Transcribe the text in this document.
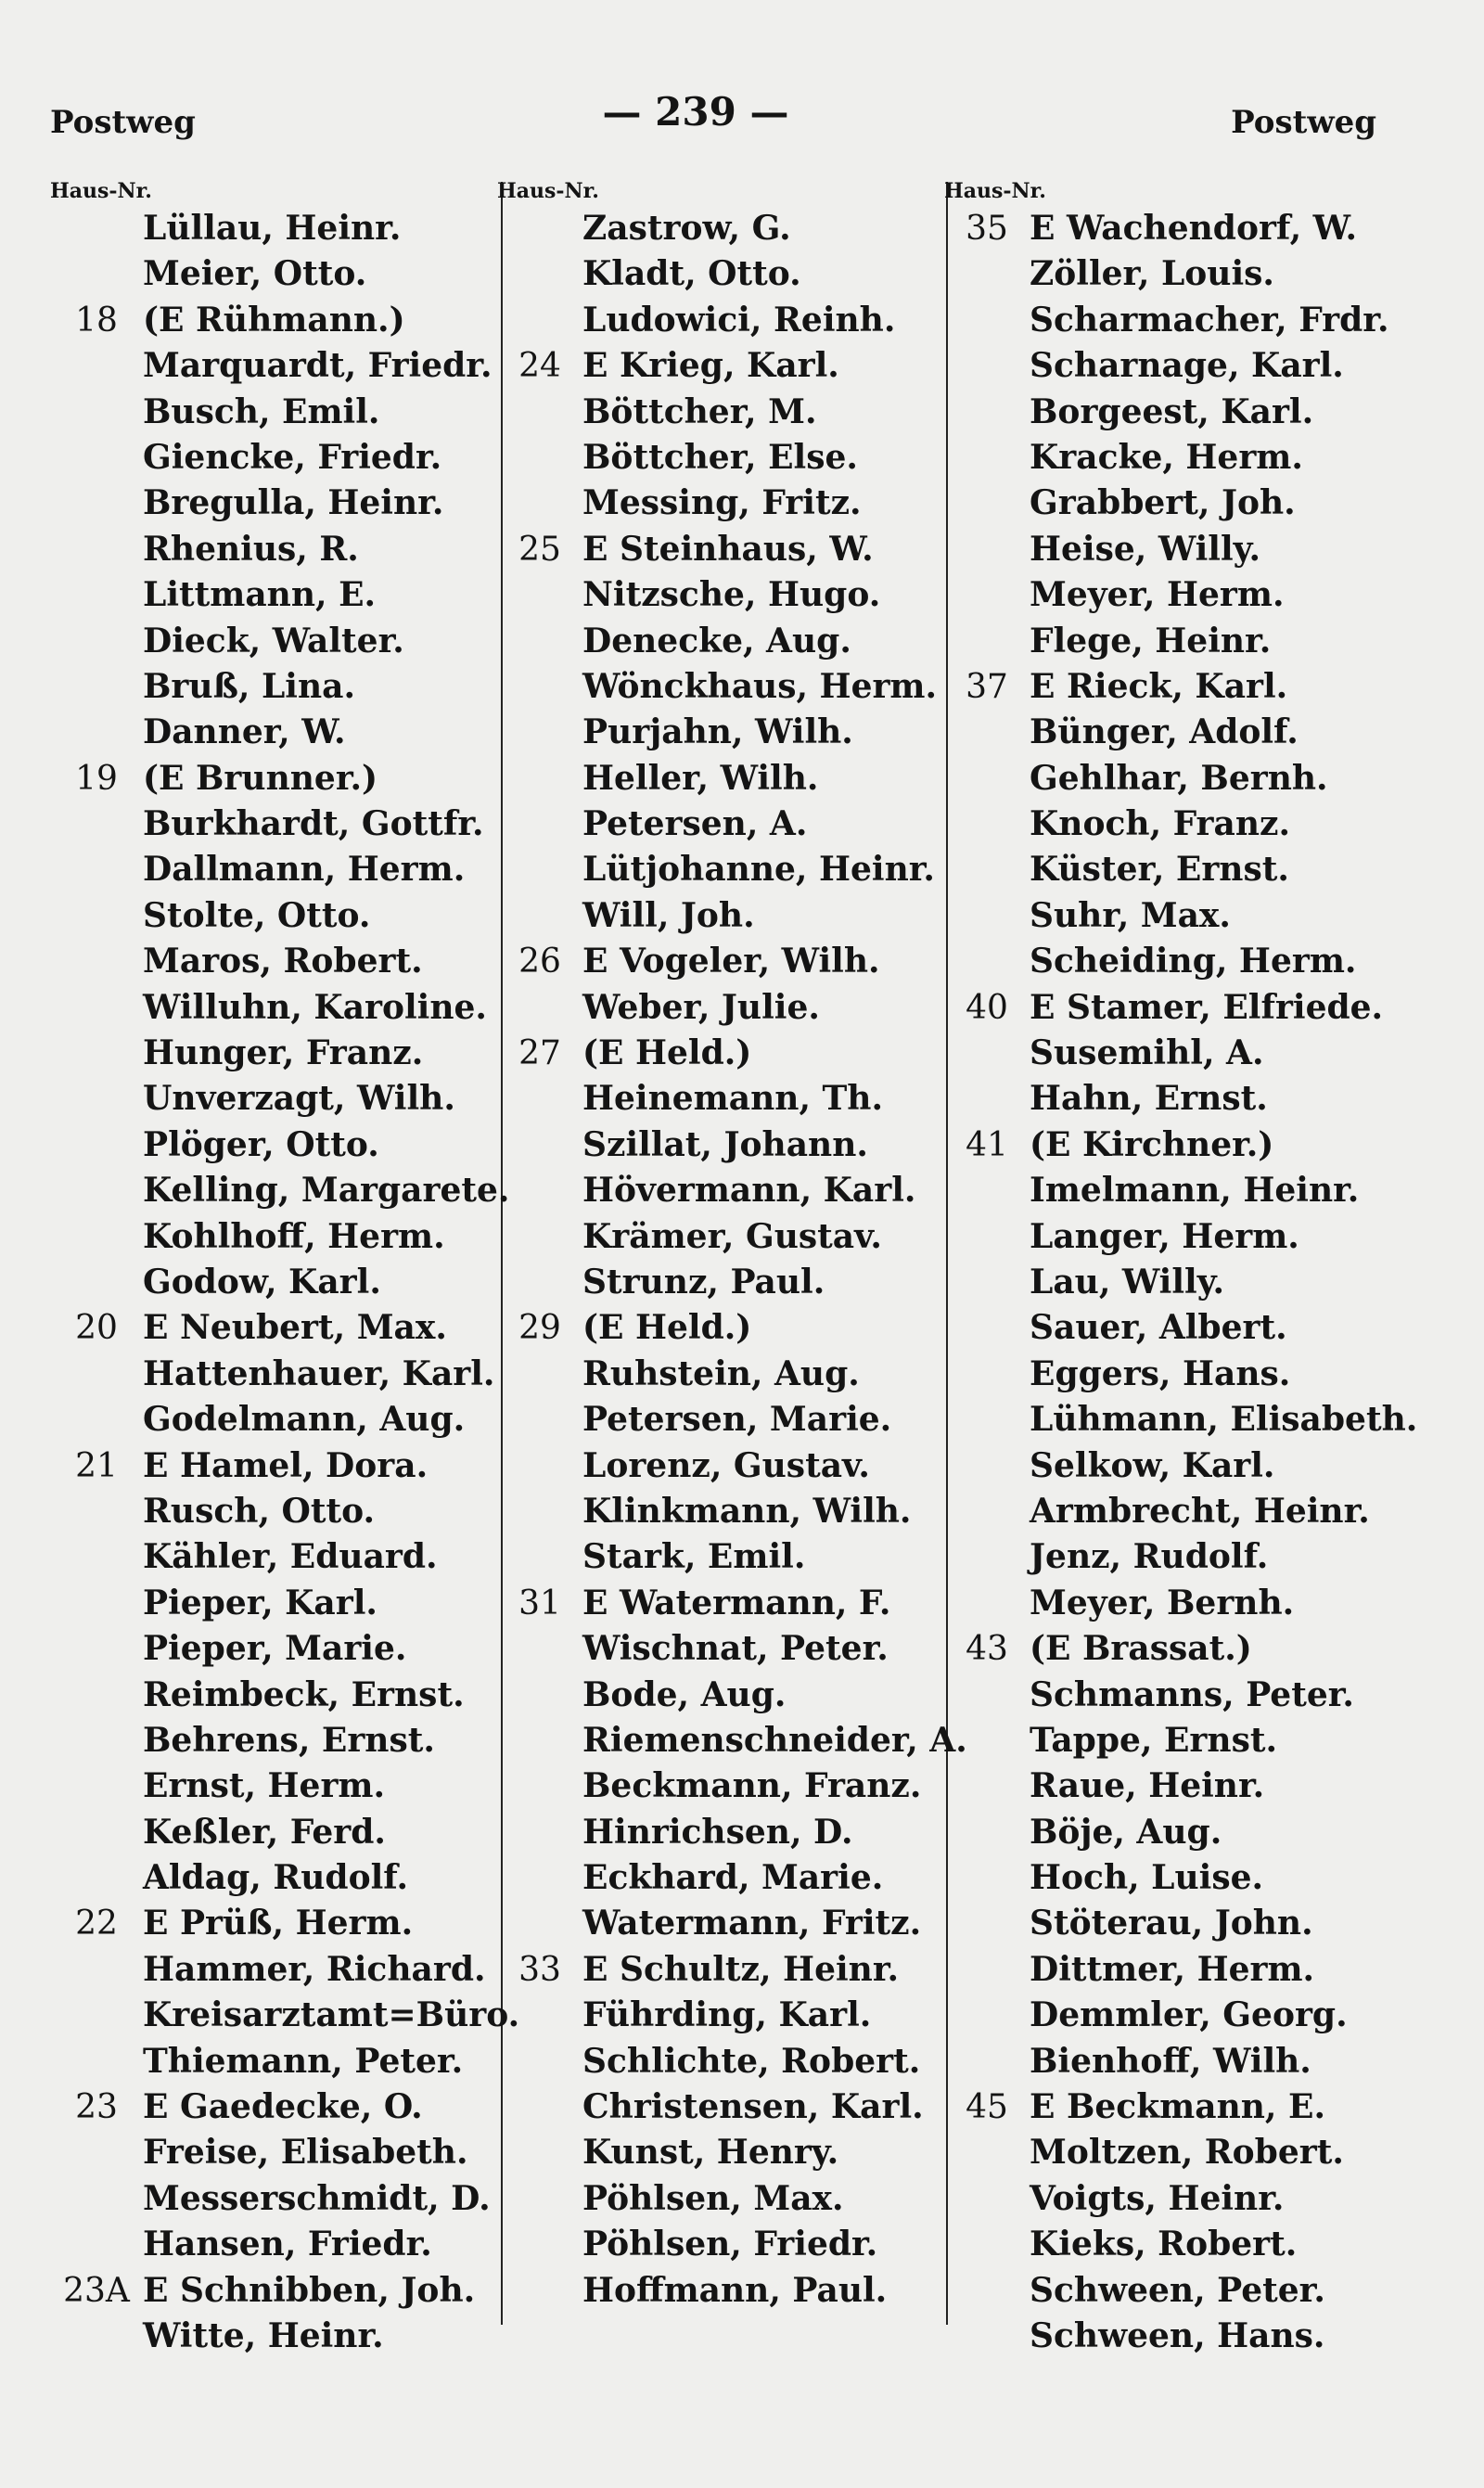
Postweg	— 239 —	Postweg
Haus-Nr.
Lüllau, Heinr.
Meier, Otto.
18 (E Rühmann.)
Marquardt, Friedr.
Busch, Emil.
Giencke, Friedr.
Bregulla, Heinr.
Rhenius, R.
Littmann, E.
Dieck, Walter.
Bruß, Lina.
Danner, W.
19 (E Brunner.)
Burkhardt, Gottfr.
Dallmann, Herm.
Stolte, Otto.
Maros, Robert.
Willuhn, Karoline.
Hunger, Franz.
Unverzagt, Wilh.
Plöger, Otto.
Kelling, Margarete.
Kohlhoff, Herm.
Godow, Karl.
20 E Neubert, Max.
Hattenhauer, Karl.
Godelmann, Aug.
21 E Hamel, Dora.
Rusch, Otto.
Kähler, Eduard.
Pieper, Karl.
Pieper, Marie.
Reimbeck, Ernst.
Behrens, Ernst.
Ernst, Herm.
Keßler, Ferd.
Aldag, Rudolf.
22 E Prüß, Herm.
Hammer, Richard.
Kreisarztamt=Büro.
Thiemann, Peter.
23 E Gaedecke, O.
Freise, Elisabeth.
Messerschmidt, D.
Hansen, Friedr.
23A E Schnibben, Joh.
Witte, Heinr.
Haus-Nr.
Zastrow, G.
Kladt, Otto.
Ludowici, Reinh.
24 E Krieg, Karl.
Böttcher, M.
Böttcher, Else.
Messing, Fritz.
25 E Steinhaus, W.
Nitzsche, Hugo.
Denecke, Aug.
Wönckhaus, Herm.
Purjahn, Wilh.
Heller, Wilh.
Petersen, A.
Lütjohanne, Heinr.
Will, Joh.
26 E Vogeler, Wilh.
Weber, Julie.
27 (E Held.)
Heinemann, Th.
Szillat, Johann.
Hövermann, Karl.
Krämer, Gustav.
Strunz, Paul.
29 (E Held.)
Ruhstein, Aug.
Petersen, Marie.
Lorenz, Gustav.
Klinkmann, Wilh.
Stark, Emil.
31 E Watermann, F.
Wischnat, Peter.
Bode, Aug.
Riemenschneider, A.
Beckmann, Franz.
Hinrichsen, D.
Eckhard, Marie.
Watermann, Fritz.
33 E Schultz, Heinr.
Führding, Karl.
Schlichte, Robert.
Christensen, Karl.
Kunst, Henry.
Pöhlsen, Max.
Pöhlsen, Friedr.
Hoffmann, Paul.
Haus-Nr.
35 E Wachendorf, W.
Zöller, Louis.
Scharmacher, Frdr.
Scharnage, Karl.
Borgeest, Karl.
Kracke, Herm.
Grabbert, Joh.
Heise, Willy.
Meyer, Herm.
Flege, Heinr.
37 E Rieck, Karl.
Bünger, Adolf.
Gehlhar, Bernh.
Knoch, Franz.
Küster, Ernst.
Suhr, Max.
Scheiding, Herm.
40 E Stamer, Elfriede.
Susemihl, A.
Hahn, Ernst.
41 (E Kirchner.)
Imelmann, Heinr.
Langer, Herm.
Lau, Willy.
Sauer, Albert.
Eggers, Hans.
Lühmann, Elisabeth.
Selkow, Karl.
Armbrecht, Heinr.
Jenz, Rudolf.
Meyer, Bernh.
43 (E Brassat.)
Schmanns, Peter.
Tappe, Ernst.
Raue, Heinr.
Böje, Aug.
Hoch, Luise.
Stöterau, John.
Dittmer, Herm.
Demmler, Georg.
Bienhoff, Wilh.
45 E Beckmann, E.
Moltzen, Robert.
Voigts, Heinr.
Kieks, Robert.
Schween, Peter.
Schween, Hans.
